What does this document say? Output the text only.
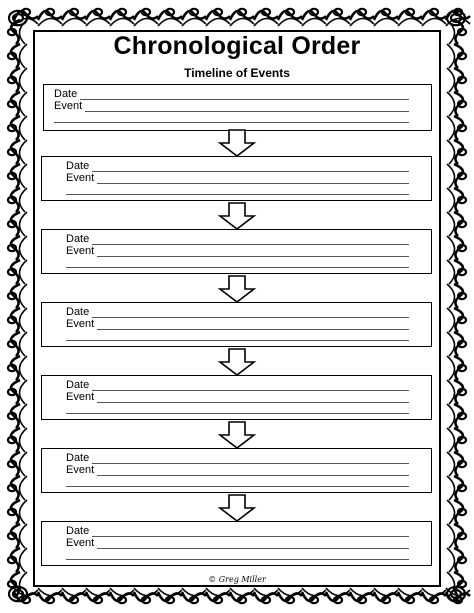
Chronological Order
Timeline of Events
Date
Event
Date
Event
Date
Event
Date
Event
Date
Event
Date
Event
Date
Event
© Greg Miller
